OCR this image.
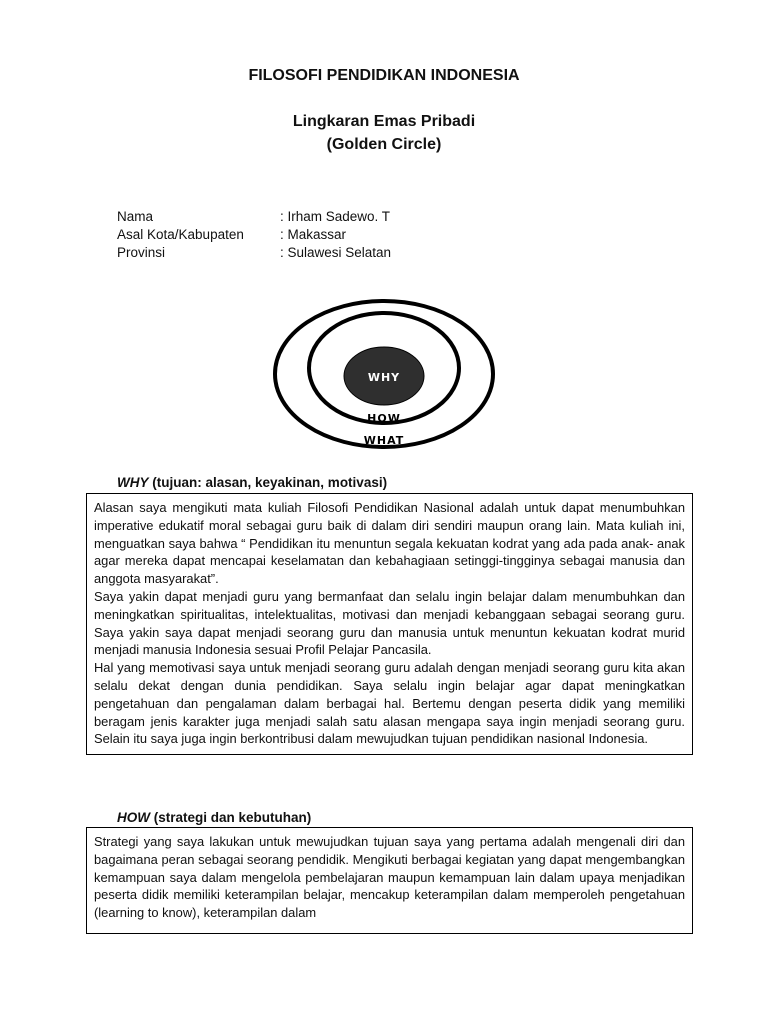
FILOSOFI PENDIDIKAN INDONESIA
Lingkaran Emas Pribadi
(Golden Circle)
Nama	: Irham Sadewo. T
Asal Kota/Kabupaten	: Makassar
Provinsi	: Sulawesi Selatan
WHY
HOW
WHAT
WHY (tujuan: alasan, keyakinan, motivasi)

Alasan saya mengikuti mata kuliah Filosofi Pendidikan Nasional adalah untuk dapat menumbuhkan imperative edukatif moral sebagai guru baik di dalam diri sendiri maupun orang lain. Mata kuliah ini, menguatkan saya bahwa “ Pendidikan itu menuntun segala kekuatan kodrat yang ada pada anak- anak agar mereka dapat mencapai keselamatan dan kebahagiaan setinggi-tingginya sebagai manusia dan anggota masyarakat”.

Saya yakin dapat menjadi guru yang bermanfaat dan selalu ingin belajar dalam menumbuhkan dan meningkatkan spiritualitas, intelektualitas, motivasi dan menjadi kebanggaan sebagai seorang guru. Saya yakin saya dapat menjadi seorang guru dan manusia untuk menuntun kekuatan kodrat murid menjadi manusia Indonesia sesuai Profil Pelajar Pancasila.

Hal yang memotivasi saya untuk menjadi seorang guru adalah dengan menjadi seorang guru kita akan selalu dekat dengan dunia pendidikan. Saya selalu ingin belajar agar dapat meningkatkan pengetahuan dan pengalaman dalam berbagai hal. Bertemu dengan peserta didik yang memiliki beragam jenis karakter juga menjadi salah satu alasan mengapa saya ingin menjadi seorang guru. Selain itu saya juga ingin berkontribusi dalam mewujudkan tujuan pendidikan nasional Indonesia.

HOW (strategi dan kebutuhan)

Strategi yang saya lakukan untuk mewujudkan tujuan saya yang pertama adalah mengenali diri dan bagaimana peran sebagai seorang pendidik. Mengikuti berbagai kegiatan yang dapat mengembangkan kemampuan saya dalam mengelola pembelajaran maupun kemampuan lain dalam upaya menjadikan peserta didik memiliki keterampilan belajar, mencakup keterampilan dalam memperoleh pengetahuan (learning to know), keterampilan dalam
